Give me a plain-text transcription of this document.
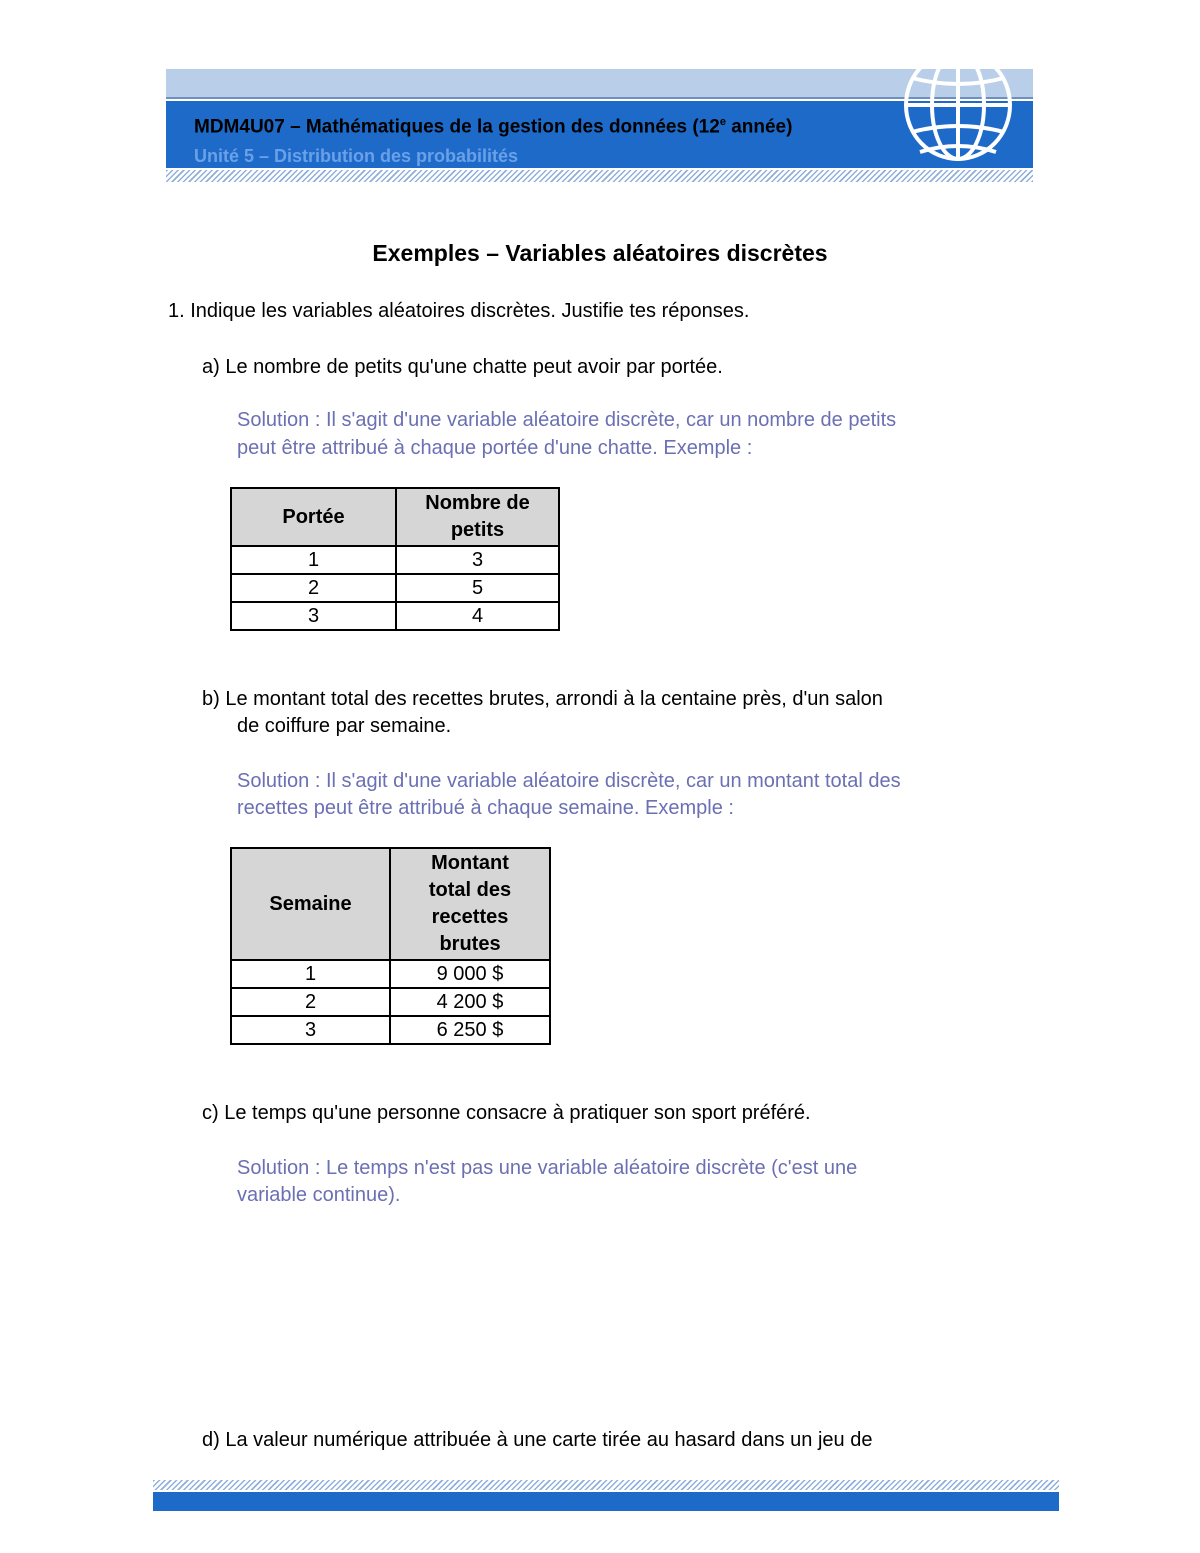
MDM4U07 – Mathématiques de la gestion des données (12e année)
Unité 5 – Distribution des probabilités
Exemples – Variables aléatoires discrètes
1. Indique les variables aléatoires discrètes. Justifie tes réponses.
a) Le nombre de petits qu'une chatte peut avoir par portée.
Solution : Il s'agit d'une variable aléatoire discrète, car un nombre de petits
peut être attribué à chaque portée d'une chatte. Exemple :
Portée	Nombre de petits
1	3
2	5
3	4
b) Le montant total des recettes brutes, arrondi à la centaine près, d'un salon
de coiffure par semaine.
Solution : Il s'agit d'une variable aléatoire discrète, car un montant total des
recettes peut être attribué à chaque semaine. Exemple :
Semaine	Montant total des recettes brutes
1	9 000 $
2	4 200 $
3	6 250 $
c) Le temps qu'une personne consacre à pratiquer son sport préféré.
Solution : Le temps n'est pas une variable aléatoire discrète (c'est une
variable continue).
d) La valeur numérique attribuée à une carte tirée au hasard dans un jeu de
